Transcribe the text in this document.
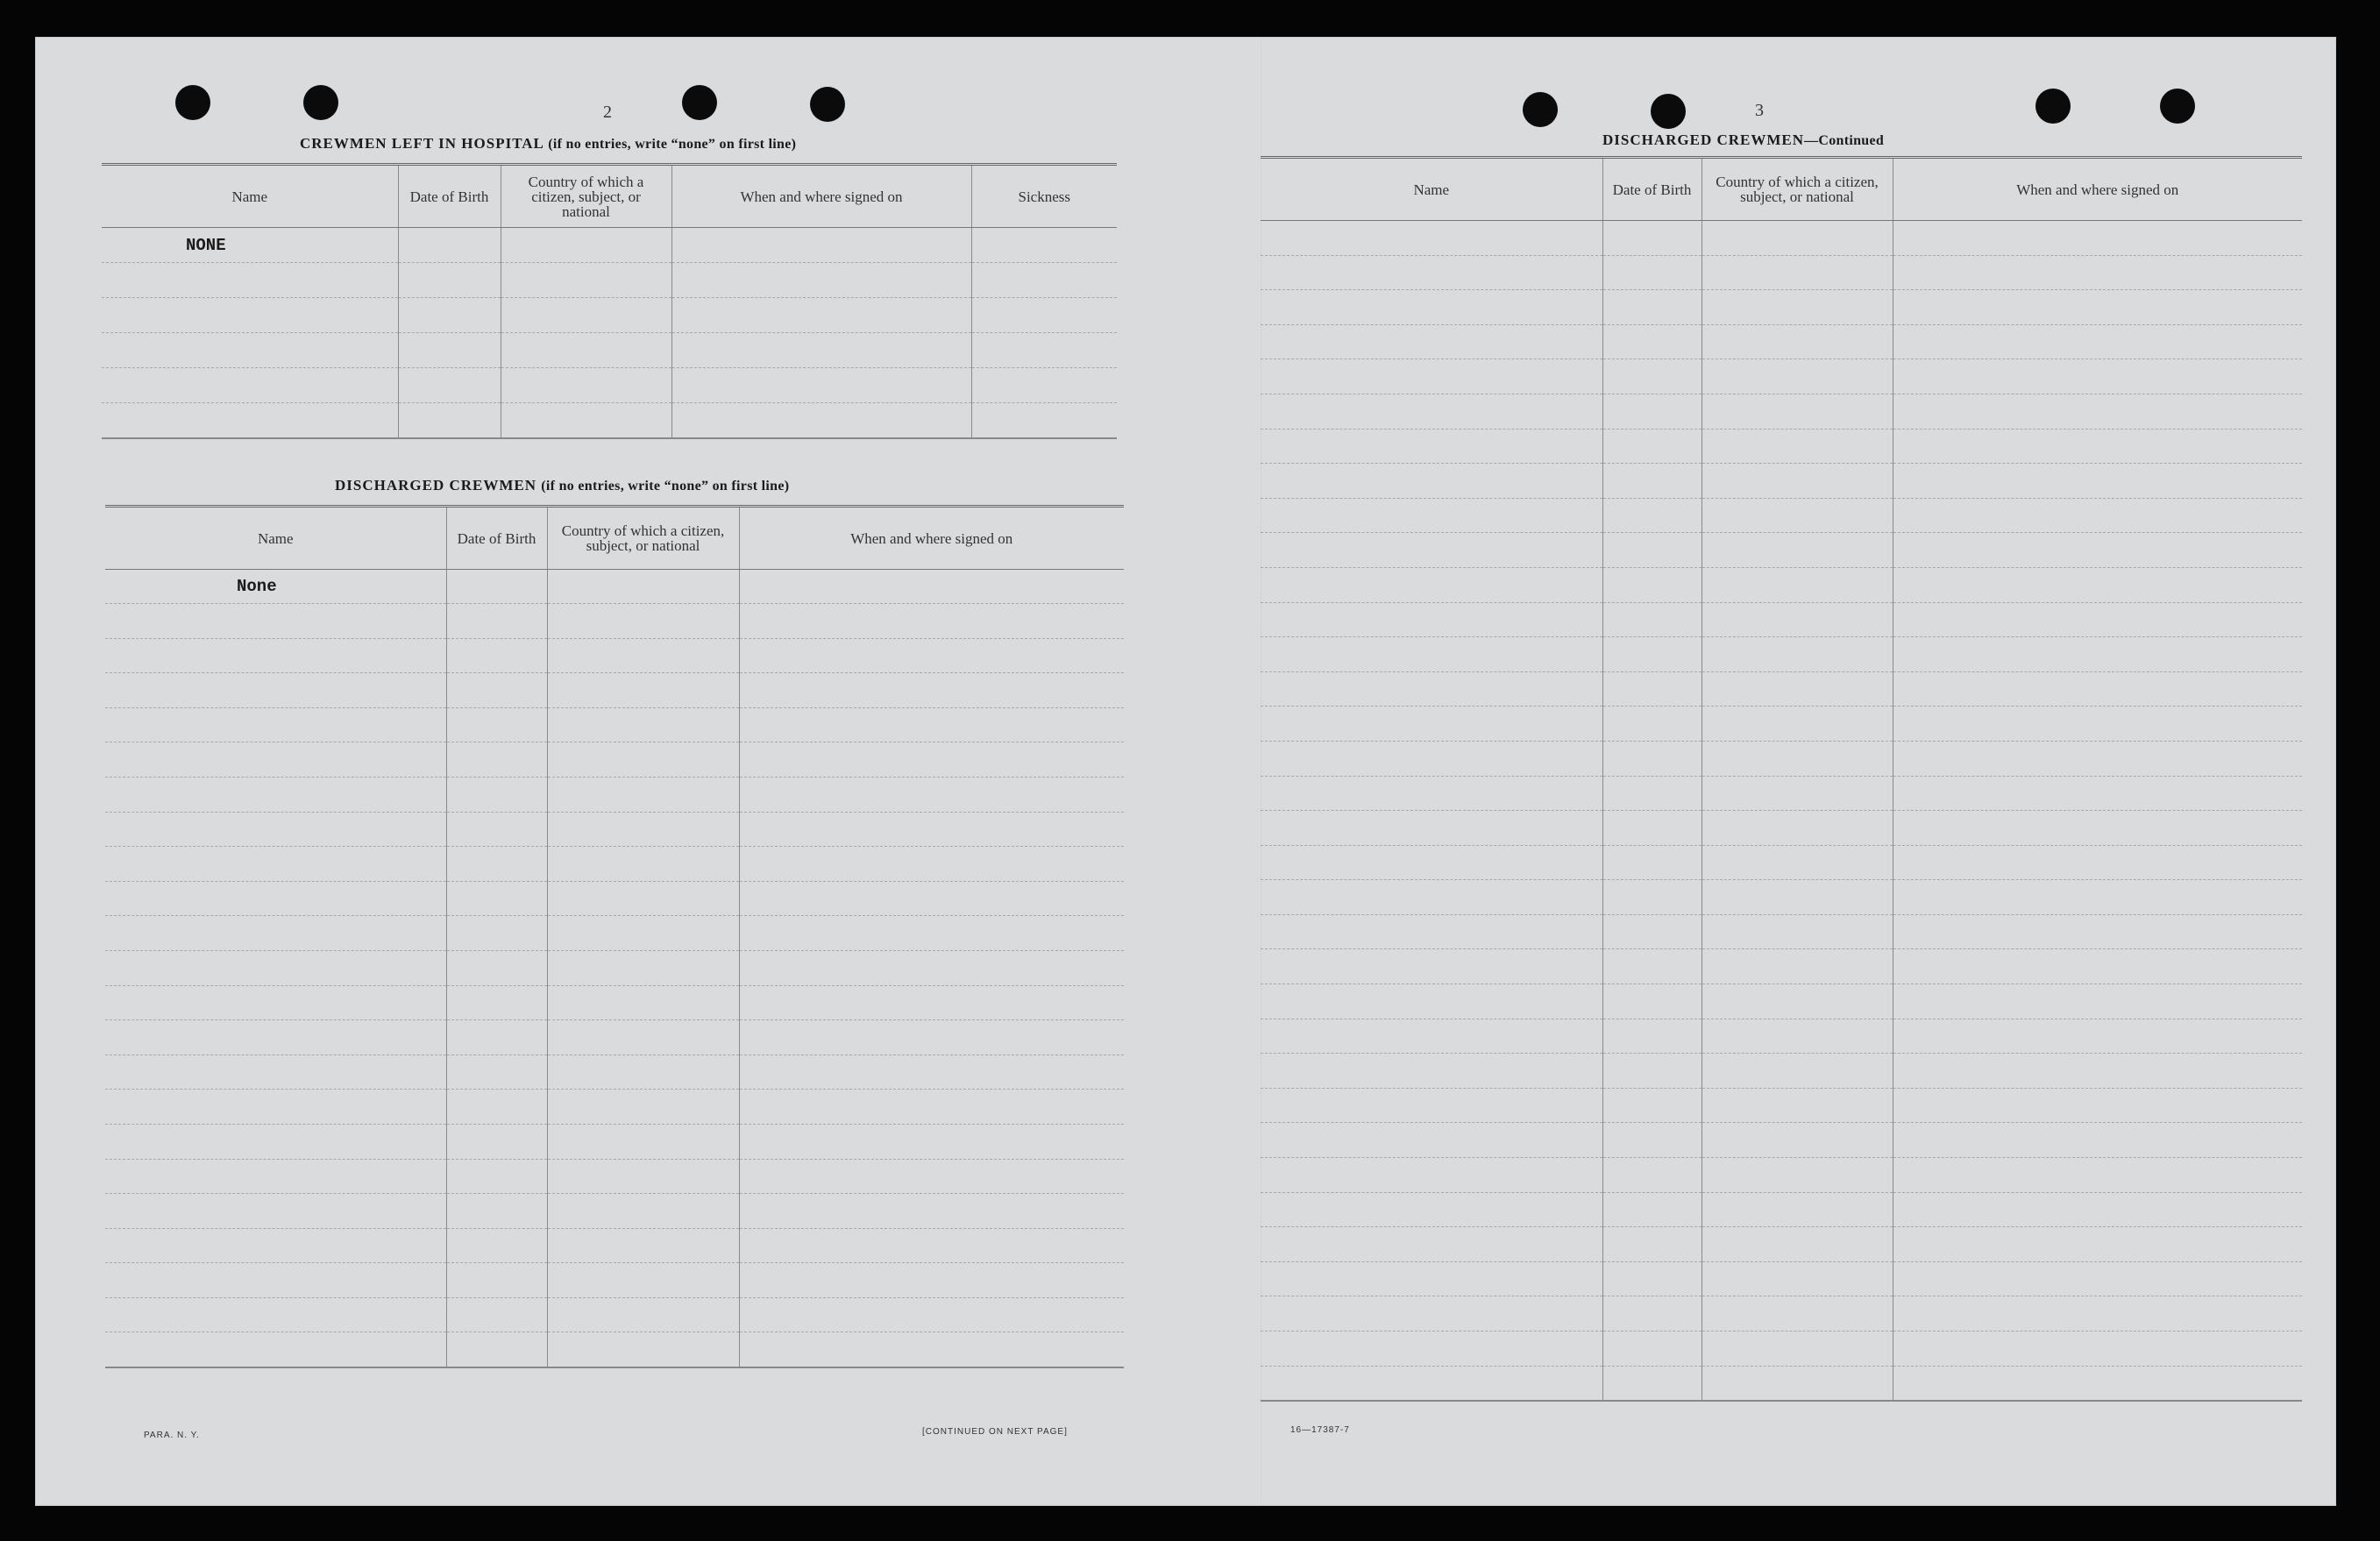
2
CREWMEN LEFT IN HOSPITAL (if no entries, write “none” on first line)
Name	Date of Birth	Country of which a citizen, subject, or national	When and where signed on	Sickness
NONE				

DISCHARGED CREWMEN (if no entries, write “none” on first line)
Name	Date of Birth	Country of which a citizen, subject, or national	When and where signed on
None			

PARA. N. Y.	[CONTINUED ON NEXT PAGE]
3
DISCHARGED CREWMEN—Continued
Name	Date of Birth	Country of which a citizen, subject, or national	When and where signed on

16—17387-7
